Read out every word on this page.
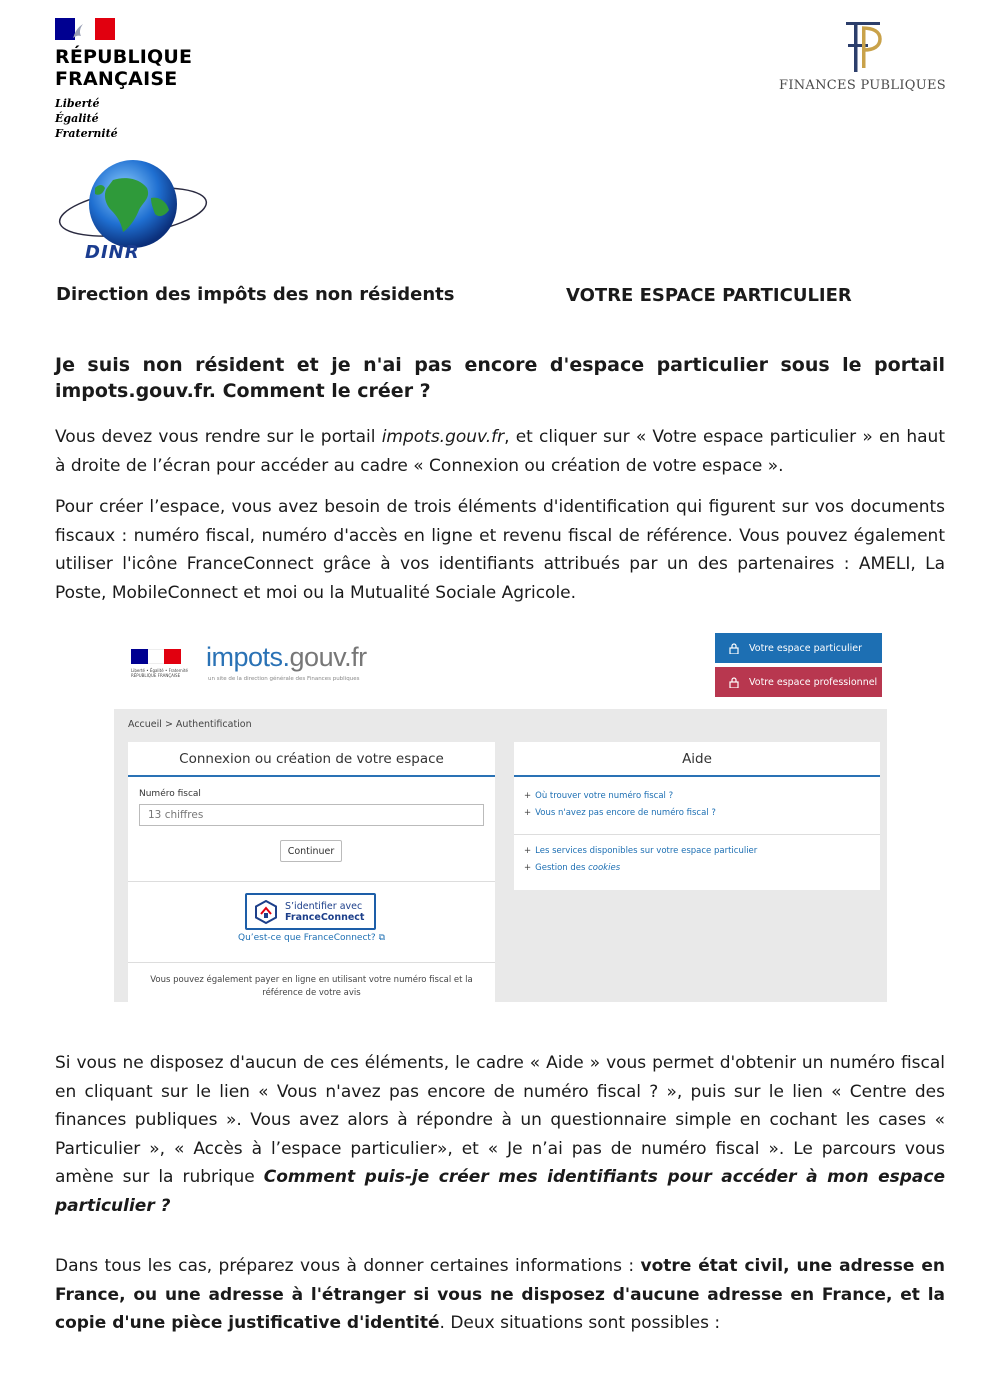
RÉPUBLIQUE
FRANÇAISE
Liberté
Égalité
Fraternité
FINANCES PUBLIQUES
DINR
Direction des impôts des non résidents	VOTRE ESPACE PARTICULIER
Je suis non résident et je n'ai pas encore d'espace particulier sous le portail impots.gouv.fr. Comment le créer ?
Vous devez vous rendre sur le portail impots.gouv.fr, et cliquer sur « Votre espace particulier » en haut à droite de l’écran pour accéder au cadre « Connexion ou création de votre espace ».
Pour créer l’espace, vous avez besoin de trois éléments d'identification qui figurent sur vos documents fiscaux : numéro fiscal, numéro d'accès en ligne et revenu fiscal de référence. Vous pouvez également utiliser l'icône FranceConnect grâce à vos identifiants attribués par un des partenaires : AMELI, La Poste, MobileConnect et moi ou la Mutualité Sociale Agricole.
Liberté • Égalité • Fraternité RÉPUBLIQUE FRANÇAISE
impots.gouv.fr
un site de la direction générale des Finances publiques
Votre espace particulier
Votre espace professionnel
Accueil > Authentification
Connexion ou création de votre espace
Numéro fiscal
13 chiffres
Continuer
S’identifier avec
FranceConnect
Qu’est-ce que FranceConnect? ⧉
Vous pouvez également payer en ligne en utilisant votre numéro fiscal et la référence de votre avis
Aide
+ Où trouver votre numéro fiscal ?
+ Vous n'avez pas encore de numéro fiscal ?
+ Les services disponibles sur votre espace particulier
+ Gestion des cookies
Si vous ne disposez d'aucun de ces éléments, le cadre « Aide » vous permet d'obtenir un numéro fiscal en cliquant sur le lien « Vous n'avez pas encore de numéro fiscal ? », puis sur le lien « Centre des finances publiques ». Vous avez alors à répondre à un questionnaire simple en cochant les cases « Particulier », « Accès à l’espace particulier», et « Je n’ai pas de numéro fiscal ». Le parcours vous amène sur la rubrique Comment puis-je créer mes identifiants pour accéder à mon espace particulier ?
Dans tous les cas, préparez vous à donner certaines informations : votre état civil, une adresse en France, ou une adresse à l'étranger si vous ne disposez d'aucune adresse en France, et la copie d'une pièce justificative d'identité. Deux situations sont possibles :
